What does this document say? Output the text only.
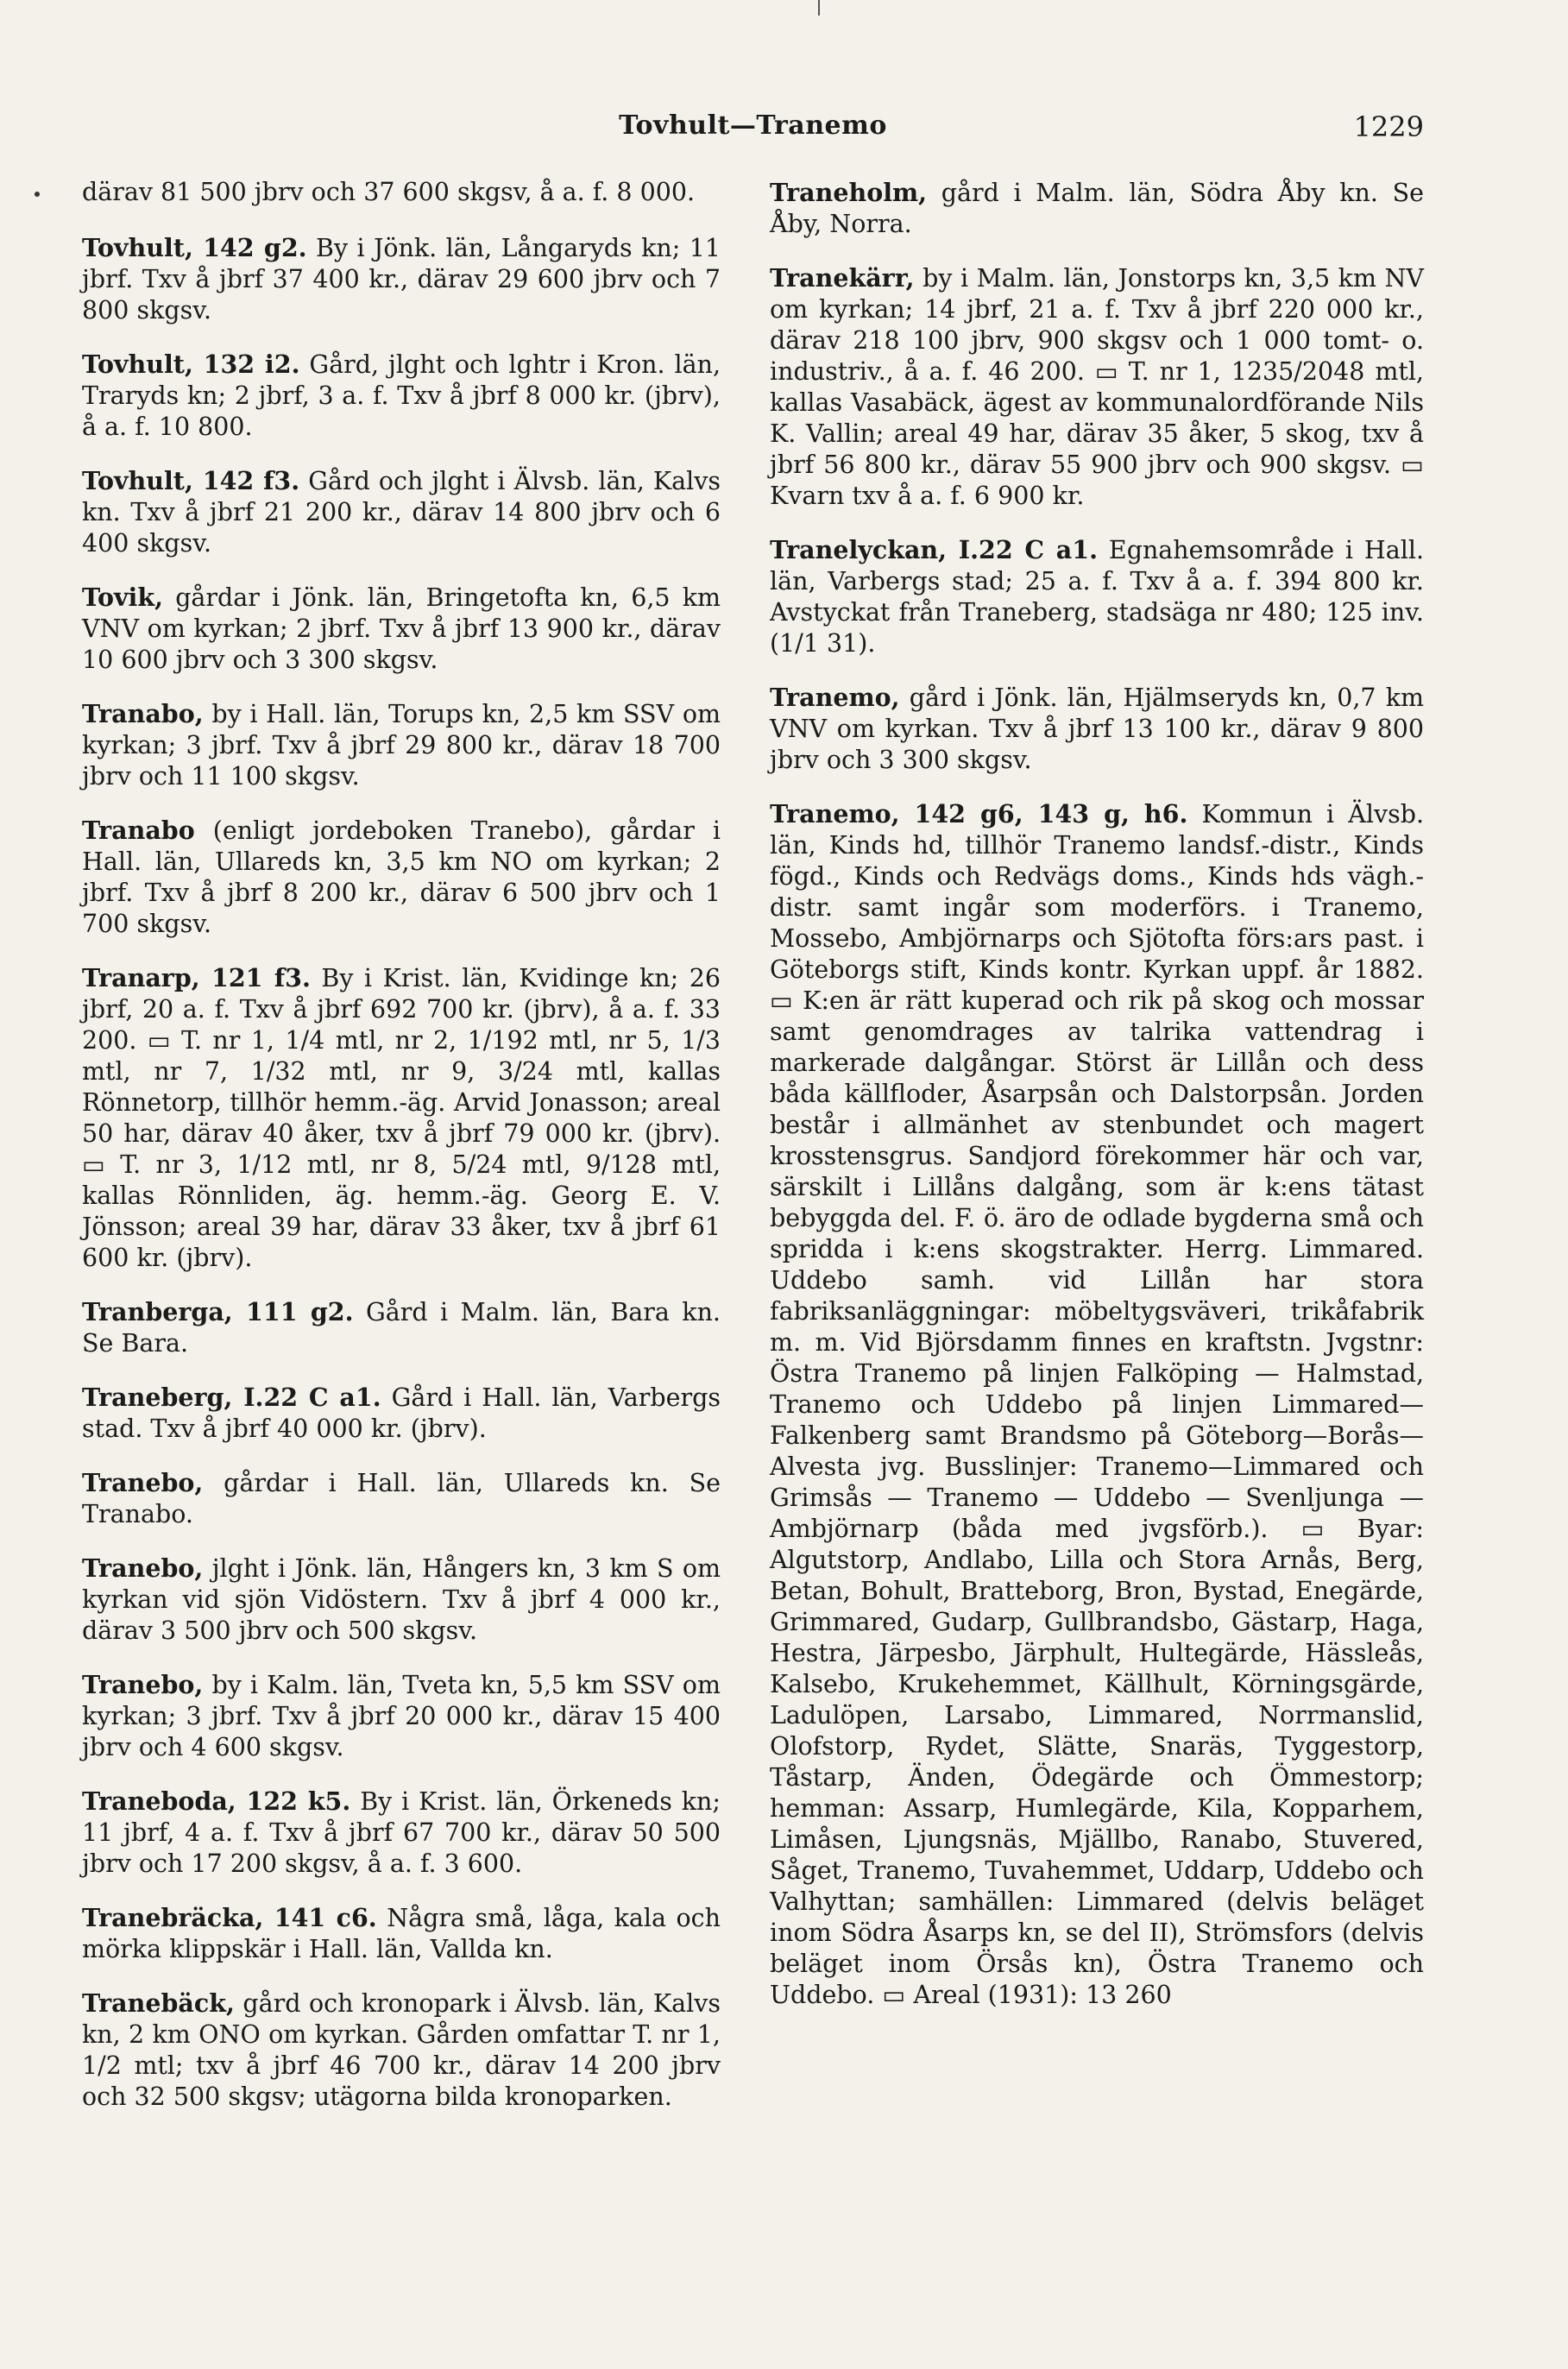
Tovhult—Tranemo	1229

därav 81 500 jbrv och 37 600 skgsv, å a. f. 8 000.

Tovhult, 142 g2. By i Jönk. län, Långaryds kn; 11 jbrf. Txv å jbrf 37 400 kr., därav 29 600 jbrv och 7 800 skgsv.

Tovhult, 132 i2. Gård, jlght och lghtr i Kron. län, Traryds kn; 2 jbrf, 3 a. f. Txv å jbrf 8 000 kr. (jbrv), å a. f. 10 800.

Tovhult, 142 f3. Gård och jlght i Älvsb. län, Kalvs kn. Txv å jbrf 21 200 kr., därav 14 800 jbrv och 6 400 skgsv.

Tovik, gårdar i Jönk. län, Bringetofta kn, 6,5 km VNV om kyrkan; 2 jbrf. Txv å jbrf 13 900 kr., därav 10 600 jbrv och 3 300 skgsv.

Tranabo, by i Hall. län, Torups kn, 2,5 km SSV om kyrkan; 3 jbrf. Txv å jbrf 29 800 kr., därav 18 700 jbrv och 11 100 skgsv.

Tranabo (enligt jordeboken Tranebo), gårdar i Hall. län, Ullareds kn, 3,5 km NO om kyrkan; 2 jbrf. Txv å jbrf 8 200 kr., därav 6 500 jbrv och 1 700 skgsv.

Tranarp, 121 f3. By i Krist. län, Kvidinge kn; 26 jbrf, 20 a. f. Txv å jbrf 692 700 kr. (jbrv), å a. f. 33 200. ▭ T. nr 1, 1/4 mtl, nr 2, 1/192 mtl, nr 5, 1/3 mtl, nr 7, 1/32 mtl, nr 9, 3/24 mtl, kallas Rönnetorp, tillhör hemm.-äg. Arvid Jonasson; areal 50 har, därav 40 åker, txv å jbrf 79 000 kr. (jbrv). ▭ T. nr 3, 1/12 mtl, nr 8, 5/24 mtl, 9/128 mtl, kallas Rönnliden, äg. hemm.-äg. Georg E. V. Jönsson; areal 39 har, därav 33 åker, txv å jbrf 61 600 kr. (jbrv).

Tranberga, 111 g2. Gård i Malm. län, Bara kn. Se Bara.

Traneberg, I.22 C a1. Gård i Hall. län, Varbergs stad. Txv å jbrf 40 000 kr. (jbrv).

Tranebo, gårdar i Hall. län, Ullareds kn. Se Tranabo.

Tranebo, jlght i Jönk. län, Hångers kn, 3 km S om kyrkan vid sjön Vidöstern. Txv å jbrf 4 000 kr., därav 3 500 jbrv och 500 skgsv.

Tranebo, by i Kalm. län, Tveta kn, 5,5 km SSV om kyrkan; 3 jbrf. Txv å jbrf 20 000 kr., därav 15 400 jbrv och 4 600 skgsv.

Traneboda, 122 k5. By i Krist. län, Örkeneds kn; 11 jbrf, 4 a. f. Txv å jbrf 67 700 kr., därav 50 500 jbrv och 17 200 skgsv, å a. f. 3 600.

Tranebräcka, 141 c6. Några små, låga, kala och mörka klippskär i Hall. län, Vallda kn.

Tranebäck, gård och kronopark i Älvsb. län, Kalvs kn, 2 km ONO om kyrkan. Gården omfattar T. nr 1, 1/2 mtl; txv å jbrf 46 700 kr., därav 14 200 jbrv och 32 500 skgsv; utägorna bilda kronoparken.

Traneholm, gård i Malm. län, Södra Åby kn. Se Åby, Norra.

Tranekärr, by i Malm. län, Jonstorps kn, 3,5 km NV om kyrkan; 14 jbrf, 21 a. f. Txv å jbrf 220 000 kr., därav 218 100 jbrv, 900 skgsv och 1 000 tomt- o. industriv., å a. f. 46 200. ▭ T. nr 1, 1235/2048 mtl, kallas Vasabäck, ägest av kommunalordförande Nils K. Vallin; areal 49 har, därav 35 åker, 5 skog, txv å jbrf 56 800 kr., därav 55 900 jbrv och 900 skgsv. ▭ Kvarn txv å a. f. 6 900 kr.

Tranelyckan, I.22 C a1. Egnahemsområde i Hall. län, Varbergs stad; 25 a. f. Txv å a. f. 394 800 kr. Avstyckat från Traneberg, stadsäga nr 480; 125 inv. (1/1 31).

Tranemo, gård i Jönk. län, Hjälmseryds kn, 0,7 km VNV om kyrkan. Txv å jbrf 13 100 kr., därav 9 800 jbrv och 3 300 skgsv.

Tranemo, 142 g6, 143 g, h6. Kommun i Älvsb. län, Kinds hd, tillhör Tranemo landsf.-distr., Kinds fögd., Kinds och Redvägs doms., Kinds hds vägh.-distr. samt ingår som moderförs. i Tranemo, Mossebo, Ambjörnarps och Sjötofta förs:ars past. i Göteborgs stift, Kinds kontr. Kyrkan uppf. år 1882. ▭ K:en är rätt kuperad och rik på skog och mossar samt genomdrages av talrika vattendrag i markerade dalgångar. Störst är Lillån och dess båda källfloder, Åsarpsån och Dalstorpsån. Jorden består i allmänhet av stenbundet och magert krosstensgrus. Sandjord förekommer här och var, särskilt i Lillåns dalgång, som är k:ens tätast bebyggda del. F. ö. äro de odlade bygderna små och spridda i k:ens skogstrakter. Herrg. Limmared. Uddebo samh. vid Lillån har stora fabriksanläggningar: möbeltygsväveri, trikåfabrik m. m. Vid Björsdamm finnes en kraftstn. Jvgstnr: Östra Tranemo på linjen Falköping — Halmstad, Tranemo och Uddebo på linjen Limmared— Falkenberg samt Brandsmo på Göteborg—Borås—Alvesta jvg. Busslinjer: Tranemo—Limmared och Grimsås — Tranemo — Uddebo — Svenljunga — Ambjörnarp (båda med jvgsförb.). ▭ Byar: Algutstorp, Andlabo, Lilla och Stora Arnås, Berg, Betan, Bohult, Bratteborg, Bron, Bystad, Enegärde, Grimmared, Gudarp, Gullbrandsbo, Gästarp, Haga, Hestra, Järpesbo, Järphult, Hultegärde, Hässleås, Kalsebo, Krukehemmet, Källhult, Körningsgärde, Ladulöpen, Larsabo, Limmared, Norrmanslid, Olofstorp, Rydet, Slätte, Snaräs, Tyggestorp, Tåstarp, Änden, Ödegärde och Ömmestorp; hemman: Assarp, Humlegärde, Kila, Kopparhem, Limåsen, Ljungsnäs, Mjällbo, Ranabo, Stuvered, Såget, Tranemo, Tuvahemmet, Uddarp, Uddebo och Valhyttan; samhällen: Limmared (delvis beläget inom Södra Åsarps kn, se del II), Strömsfors (delvis beläget inom Örsås kn), Östra Tranemo och Uddebo. ▭ Areal (1931): 13 260
